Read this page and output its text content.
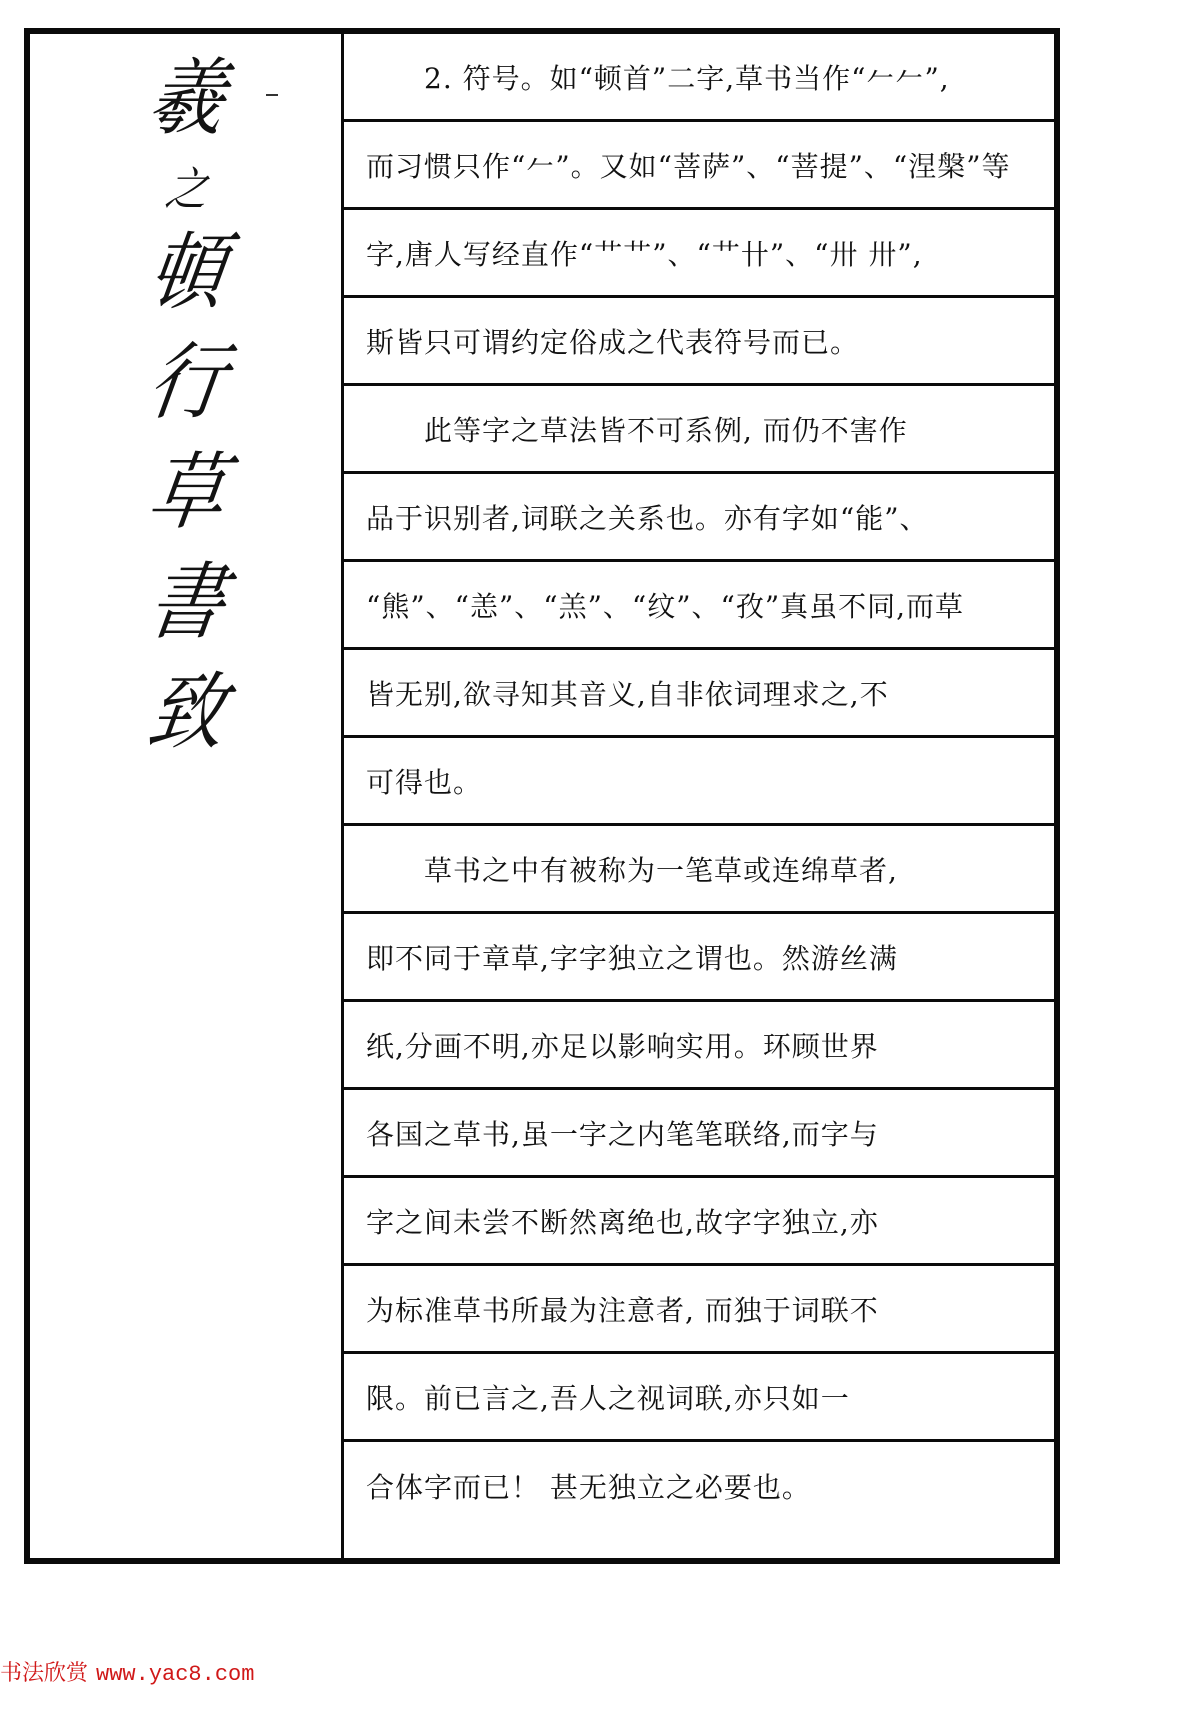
羲
之
頓
行
草
書
致
2. 符号。如“顿首”二字,草书当作“𠂉𠂉”,
而习惯只作“𠂉”。又如“菩萨”、“菩提”、“涅槃”等
字,唐人写经直作“艹艹”、“艹卄”、“卅 卅”,
斯皆只可谓约定俗成之代表符号而已。
此等字之草法皆不可系例, 而仍不害作
品于识别者,词联之关系也。亦有字如“能”、
“熊”、“恙”、“羔”、“纹”、“孜”真虽不同,而草
皆无别,欲寻知其音义,自非依词理求之,不
可得也。
草书之中有被称为一笔草或连绵草者,
即不同于章草,字字独立之谓也。然游丝满
纸,分画不明,亦足以影响实用。环顾世界
各国之草书,虽一字之内笔笔联络,而字与
字之间未尝不断然离绝也,故字字独立,亦
为标准草书所最为注意者, 而独于词联不
限。前已言之,吾人之视词联,亦只如一
合体字而已！ 甚无独立之必要也。
书法欣赏 www.yac8.com
